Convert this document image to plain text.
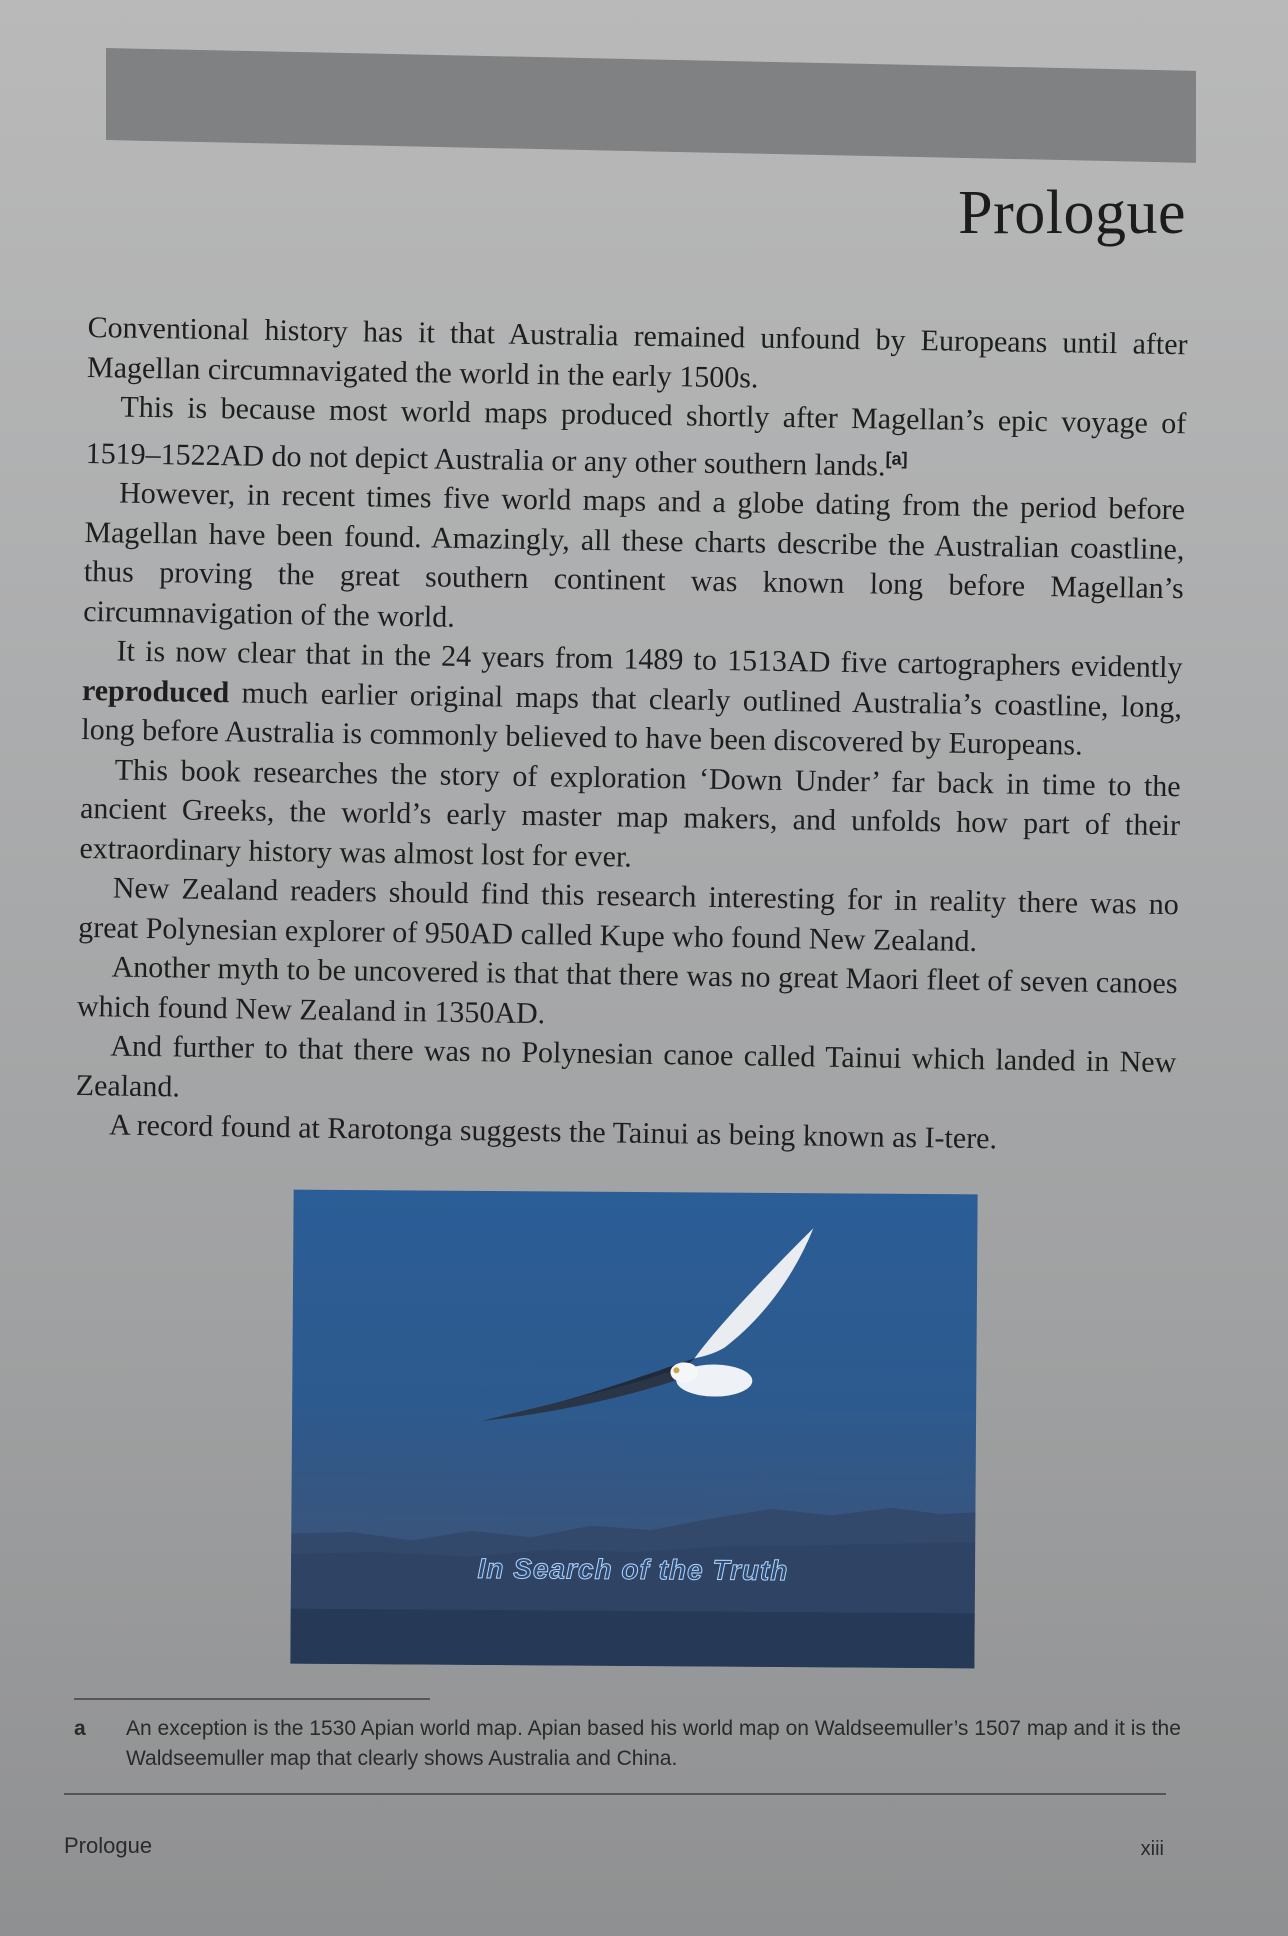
Prologue

Conventional history has it that Australia remained unfound by Europeans until after Magellan circumnavigated the world in the early 1500s.

This is because most world maps produced shortly after Magellan’s epic voyage of 1519–1522AD do not depict Australia or any other southern lands.[a]

However, in recent times five world maps and a globe dating from the period before Magellan have been found. Amazingly, all these charts describe the Australian coastline, thus proving the great southern continent was known long before Magellan’s circumnavigation of the world.

It is now clear that in the 24 years from 1489 to 1513AD five cartographers evidently reproduced much earlier original maps that clearly outlined Australia’s coastline, long, long before Australia is commonly believed to have been discovered by Europeans.

This book researches the story of exploration ‘Down Under’ far back in time to the ancient Greeks, the world’s early master map makers, and unfolds how part of their extraordinary history was almost lost for ever.

New Zealand readers should find this research interesting for in reality there was no great Polynesian explorer of 950AD called Kupe who found New Zealand.

Another myth to be uncovered is that that there was no great Maori fleet of seven canoes which found New Zealand in 1350AD.

And further to that there was no Polynesian canoe called Tainui which landed in New Zealand.

A record found at Rarotonga suggests the Tainui as being known as I-tere.

In Search of the Truth
a An exception is the 1530 Apian world map. Apian based his world map on Waldseemuller’s 1507 map and it is the Waldseemuller map that clearly shows Australia and China.
Prologue	xiii
